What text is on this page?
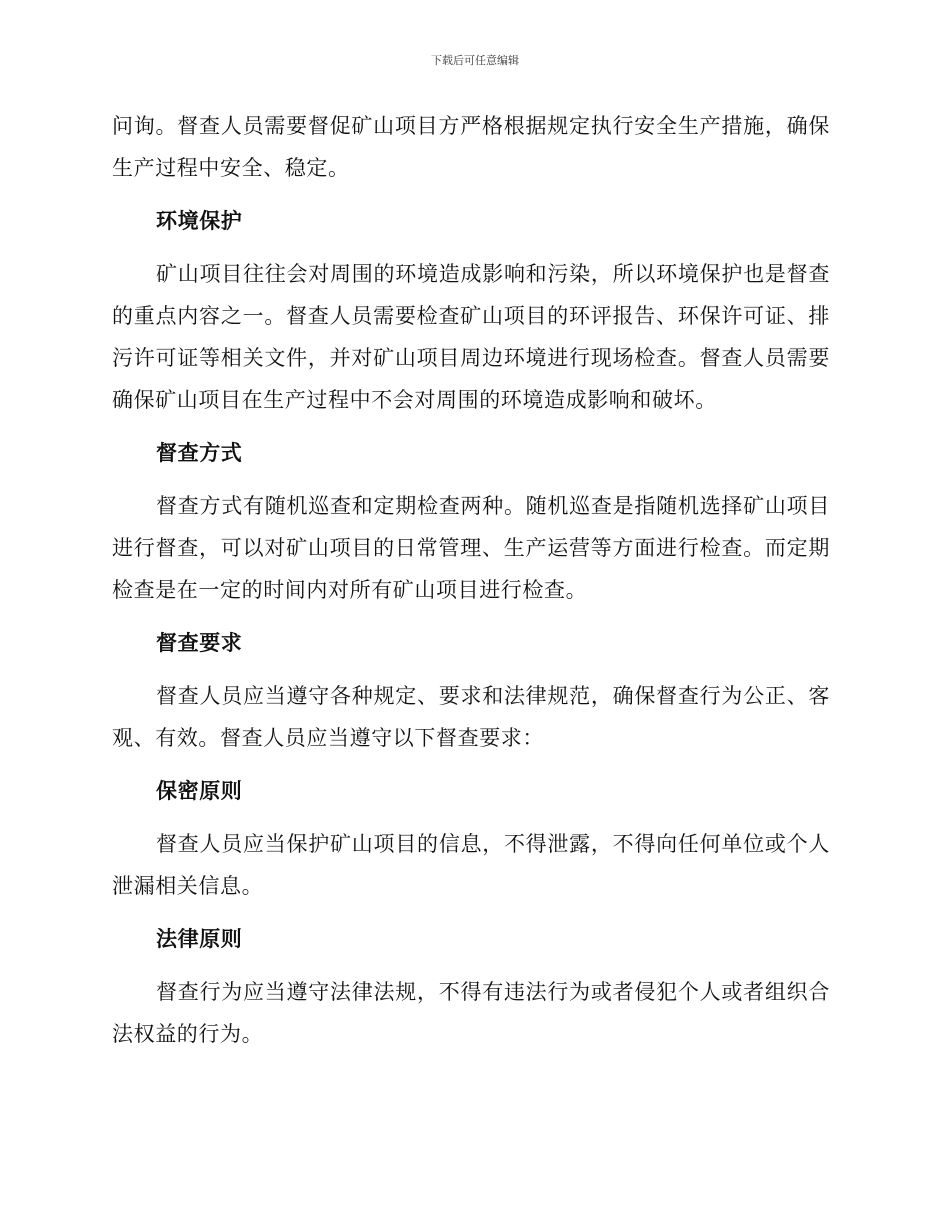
下载后可任意编辑

问询。督查人员需要督促矿山项目方严格根据规定执行安全生产措施，确保生产过程中安全、稳定。

环境保护

矿山项目往往会对周围的环境造成影响和污染，所以环境保护也是督查的重点内容之一。督查人员需要检查矿山项目的环评报告、环保许可证、排污许可证等相关文件，并对矿山项目周边环境进行现场检查。督查人员需要确保矿山项目在生产过程中不会对周围的环境造成影响和破坏。

督查方式

督查方式有随机巡查和定期检查两种。随机巡查是指随机选择矿山项目进行督查，可以对矿山项目的日常管理、生产运营等方面进行检查。而定期检查是在一定的时间内对所有矿山项目进行检查。

督查要求

督查人员应当遵守各种规定、要求和法律规范，确保督查行为公正、客观、有效。督查人员应当遵守以下督查要求：

保密原则

督查人员应当保护矿山项目的信息，不得泄露，不得向任何单位或个人泄漏相关信息。

法律原则

督查行为应当遵守法律法规，不得有违法行为或者侵犯个人或者组织合法权益的行为。
